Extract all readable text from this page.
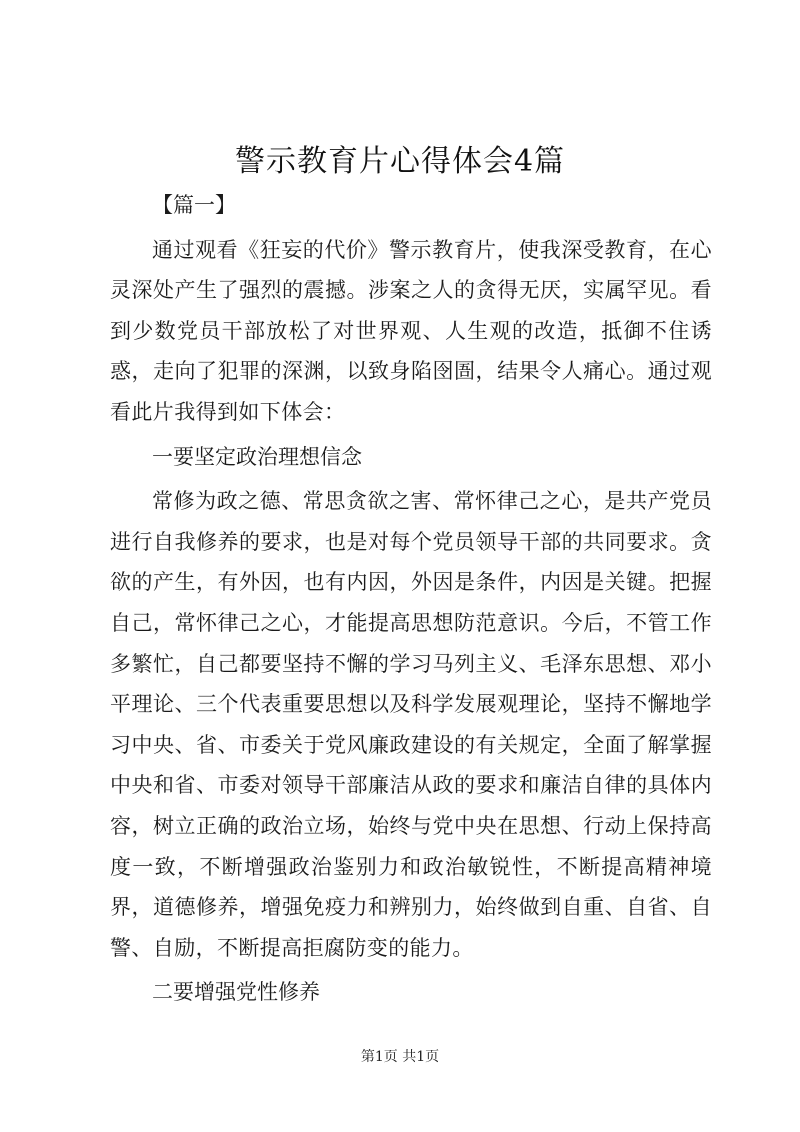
警示教育片心得体会4篇

【篇一】

通过观看《狂妄的代价》警示教育片，使我深受教育，在心灵深处产生了强烈的震撼。涉案之人的贪得无厌，实属罕见。看到少数党员干部放松了对世界观、人生观的改造，抵御不住诱惑，走向了犯罪的深渊，以致身陷囹圄，结果令人痛心。通过观看此片我得到如下体会：

一要坚定政治理想信念

常修为政之德、常思贪欲之害、常怀律己之心，是共产党员进行自我修养的要求，也是对每个党员领导干部的共同要求。贪欲的产生，有外因，也有内因，外因是条件，内因是关键。把握自己，常怀律己之心，才能提高思想防范意识。今后，不管工作多繁忙，自己都要坚持不懈的学习马列主义、毛泽东思想、邓小平理论、三个代表重要思想以及科学发展观理论，坚持不懈地学习中央、省、市委关于党风廉政建设的有关规定，全面了解掌握中央和省、市委对领导干部廉洁从政的要求和廉洁自律的具体内容，树立正确的政治立场，始终与党中央在思想、行动上保持高度一致，不断增强政治鉴别力和政治敏锐性，不断提高精神境界，道德修养，增强免疫力和辨别力，始终做到自重、自省、自警、自励，不断提高拒腐防变的能力。

二要增强党性修养

第1页 共1页
